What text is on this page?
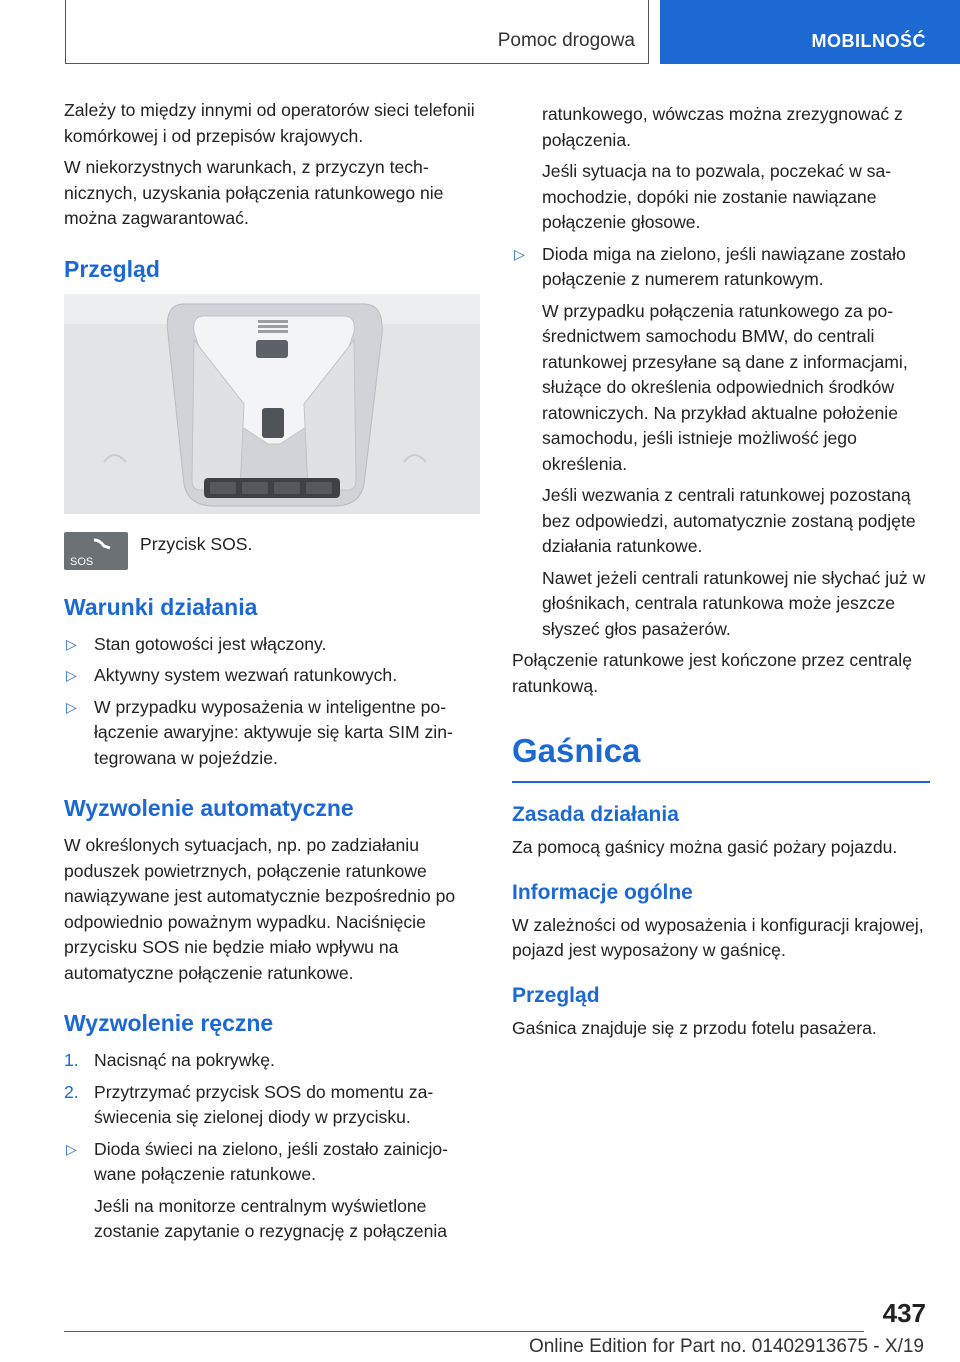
Pomoc drogowa	MOBILNOŚĆ

Zależy to między innymi od operatorów sieci telefonii komórkowej i od przepisów krajowych.

W niekorzystnych warunkach, z przyczyn technicznych, uzyskania połączenia ratunkowego nie można zagwarantować.

Przegląd
SOS
Przycisk SOS.
Warunki działania
▷ Stan gotowości jest włączony.
▷ Aktywny system wezwań ratunkowych.
▷ W przypadku wyposażenia w inteligentne połączenie awaryjne: aktywuje się karta SIM zintegrowana w pojeździe.
Wyzwolenie automatyczne

W określonych sytuacjach, np. po zadziałaniu poduszek powietrznych, połączenie ratunkowe nawiązywane jest automatycznie bezpośrednio po odpowiednio poważnym wypadku. Naciśnięcie przycisku SOS nie będzie miało wpływu na automatyczne połączenie ratunkowe.

Wyzwolenie ręczne
1. Nacisnąć na pokrywkę.
2. Przytrzymać przycisk SOS do momentu zaświecenia się zielonej diody w przycisku.
▷ Dioda świeci na zielono, jeśli zostało zainicjowane połączenie ratunkowe.
Jeśli na monitorze centralnym wyświetlone zostanie zapytanie o rezygnację z połączenia
ratunkowego, wówczas można zrezygnować z połączenia.
Jeśli sytuacja na to pozwala, poczekać w samochodzie, dopóki nie zostanie nawiązane połączenie głosowe.
▷ Dioda miga na zielono, jeśli nawiązane zostało połączenie z numerem ratunkowym.
W przypadku połączenia ratunkowego za pośrednictwem samochodu BMW, do centrali ratunkowej przesyłane są dane z informacjami, służące do określenia odpowiednich środków ratowniczych. Na przykład aktualne położenie samochodu, jeśli istnieje możliwość jego określenia.
Jeśli wezwania z centrali ratunkowej pozostaną bez odpowiedzi, automatycznie zostaną podjęte działania ratunkowe.
Nawet jeżeli centrali ratunkowej nie słychać już w głośnikach, centrala ratunkowa może jeszcze słyszeć głos pasażerów.

Połączenie ratunkowe jest kończone przez centralę ratunkową.

Gaśnica
Zasada działania

Za pomocą gaśnicy można gasić pożary pojazdu.

Informacje ogólne

W zależności od wyposażenia i konfiguracji krajowej, pojazd jest wyposażony w gaśnicę.

Przegląd

Gaśnica znajduje się z przodu fotelu pasażera.

437
Online Edition for Part no. 01402913675 - X/19
